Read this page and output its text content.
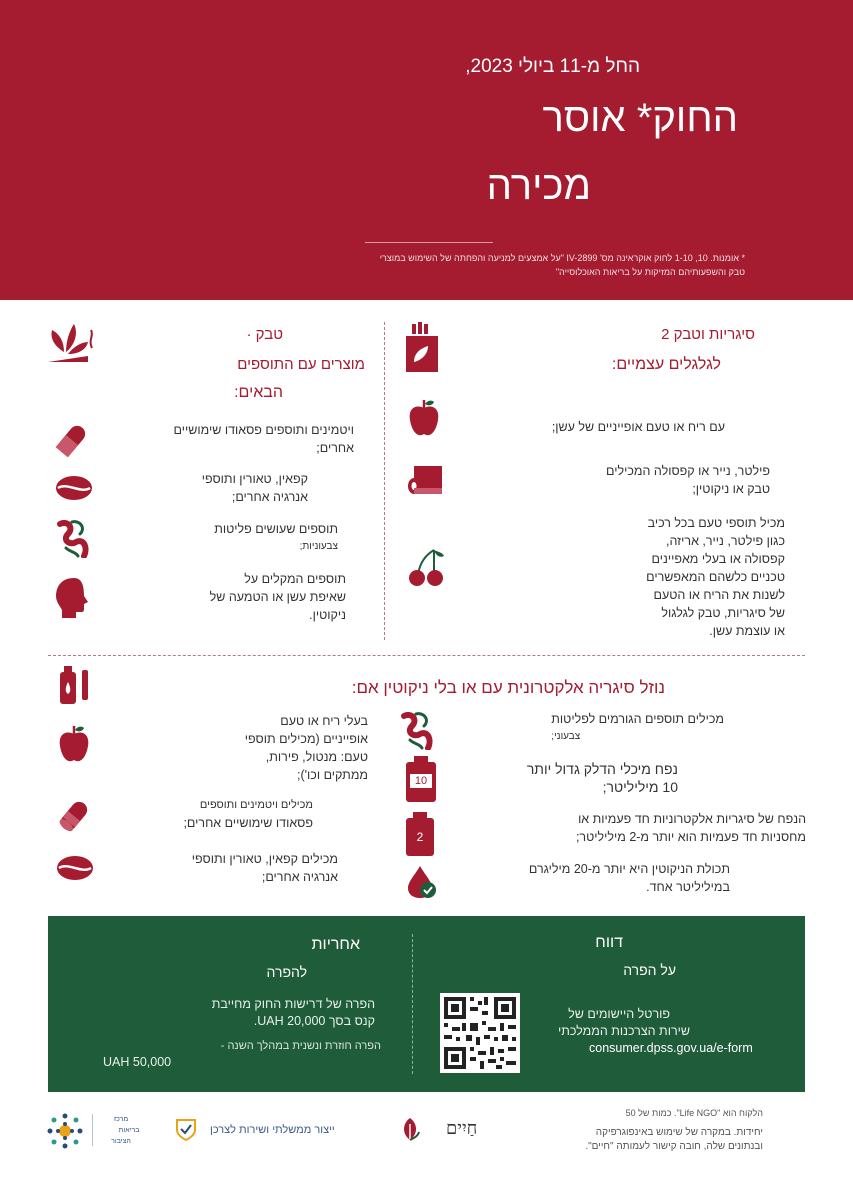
החל מ-11 ביולי 2023,
החוק* אוסר
מכירה
* אומנות. 10, 1-10 לחוק אוקראינה מס' IV-2899 "על אמצעים למניעה והפחתה של השימוש במוצרי
טבק והשפעותיהם המזיקות על בריאות האוכלוסייה"
טבק ·
מוצרים עם התוספים
הבאים:
ויטמינים ותוספים פסאודו שימושיים
אחרים;
קפאין, טאורין ותוספי
אנרגיה אחרים;
תוספים שעושים פליטות
צבעוניות;
תוספים המקלים על
שאיפת עשן או הטמעה של
ניקוטין.
סיגריות וטבק 2
לגלגלים עצמיים:
עם ריח או טעם אופייניים של עשן;
פילטר, נייר או קפסולה המכילים
טבק או ניקוטין;
מכיל תוספי טעם בכל רכיב
כגון פילטר, נייר, אריזה,
קפסולה או בעלי מאפיינים
טכניים כלשהם המאפשרים
לשנות את הריח או הטעם
של סיגריות, טבק לגלגול
או עוצמת עשן.
נוזל סיגריה אלקטרונית עם או בלי ניקוטין אם:
בעלי ריח או טעם
אופייניים (מכילים תוספי
טעם: מנטול, פירות,
ממתקים וכו');
מכילים ויטמינים ותוספים
פסאודו שימושיים אחרים;
מכילים קפאין, טאורין ותוספי
אנרגיה אחרים;
מכילים תוספים הגורמים לפליטות
צבעוני;
10
נפח מיכלי הדלק גדול יותר
10 מיליליטר;
2
הנפח של סיגריות אלקטרוניות חד פעמיות או
מחסניות חד פעמיות הוא יותר מ-2 מיליליטר;
תכולת הניקוטין היא יותר מ-20 מיליגרם
במיליליטר אחד.
אחריות
להפרה
הפרה של דרישות החוק מחייבת
קנס בסך UAH 20,000.
הפרה חוזרת ונשנית במהלך השנה -
UAH 50,000
דווח
על הפרה
פורטל היישומים של
שירות הצרכנות הממלכתי
consumer.dpss.gov.ua/e-form
מרכז
בריאות
הציבור
ייצור ממשלתי ושירות לצרכן	חַיִים
הלקוח הוא "Life NGO". כמות של 50
יחידות. במקרה של שימוש באינפוגרפיקה
ובנתונים שלה, חובה קישור לעמותה "חיים".
